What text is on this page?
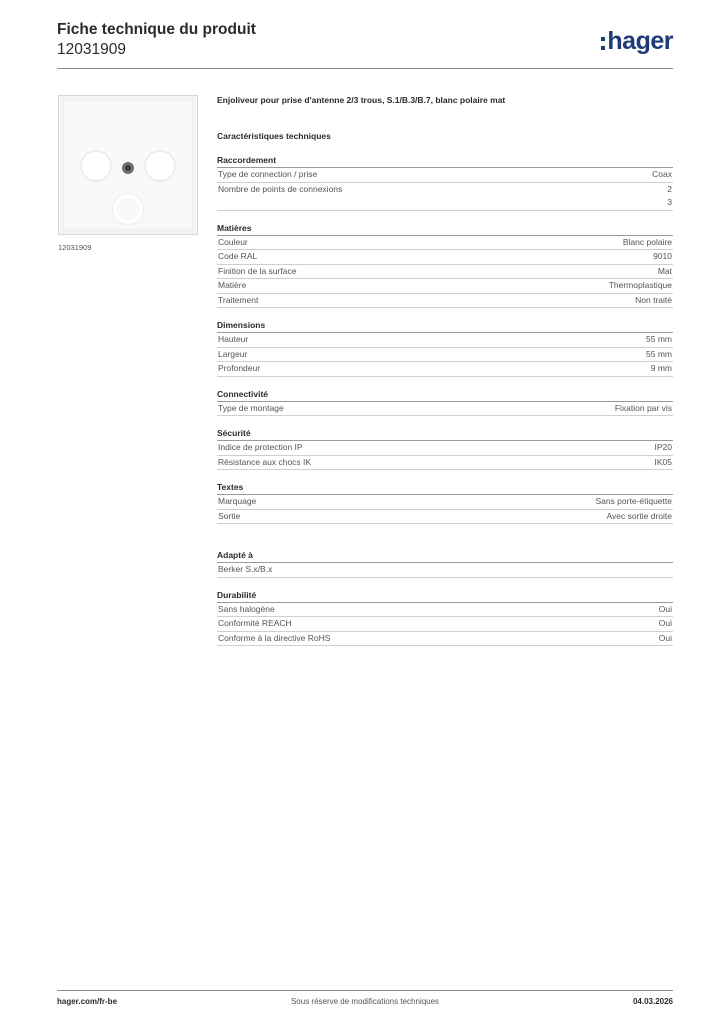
Fiche technique du produit
12031909	hager
12031909
Enjoliveur pour prise d'antenne 2/3 trous, S.1/B.3/B.7, blanc polaire mat
Caractéristiques techniques
Raccordement
Type de connection / prise	Coax
Nombre de points de connexions	2
3
Matières
Couleur	Blanc polaire
Code RAL	9010
Finition de la surface	Mat
Matière	Thermoplastique
Traitement	Non traité
Dimensions
Hauteur	55 mm
Largeur	55 mm
Profondeur	9 mm
Connectivité
Type de montage	Fixation par vis
Sécurité
Indice de protection IP	IP20
Résistance aux chocs IK	IK05
Textes
Marquage	Sans porte-étiquette
Sortie	Avec sortie droite
Adapté à
Berker S.x/B.x
Durabilité
Sans halogène	Oui
Conformité REACH	Oui
Conforme à la directive RoHS	Oui
hager.com/fr-be	Sous réserve de modifications techniques	04.03.2026
